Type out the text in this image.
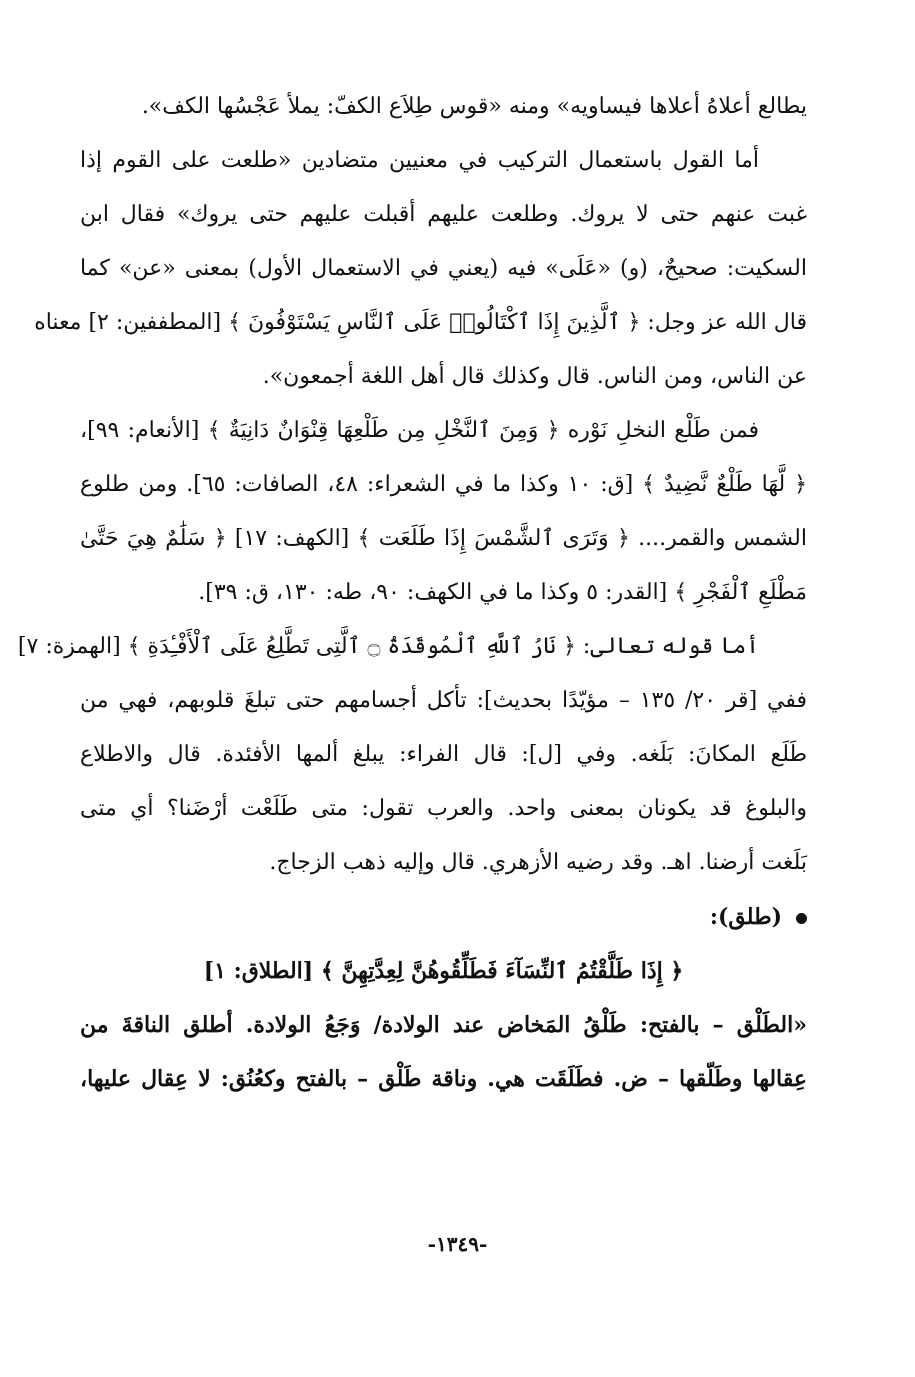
يطالع أعلاهُ أعلاها فيساويه» ومنه «قوس طِلاَع الكفّ: يملأ عَجْسُها الكف».
أما القول باستعمال التركيب في معنيين متضادين «طلعت على القوم إذا
غبت عنهم حتى لا يروك. وطلعت عليهم أقبلت عليهم حتى يروك» فقال ابن
السكيت: صحيحٌ، (و) «عَلَى» فيه (يعني في الاستعمال الأول) بمعنى «عن» كما
قال الله عز وجل: ﴿ ٱلَّذِينَ إِذَا ٱكْتَالُوا۟ عَلَى ٱلنَّاسِ يَسْتَوْفُونَ ﴾ [المطففين: ٢] معناه
عن الناس، ومن الناس. قال وكذلك قال أهل اللغة أجمعون».
فمن طَلْع النخلِ نَوْره ﴿ وَمِنَ ٱلنَّخْلِ مِن طَلْعِهَا قِنْوَانٌ دَانِيَةٌ ﴾ [الأنعام: ٩٩]،
﴿ لَّهَا طَلْعٌ نَّضِيدٌ ﴾ [ق: ١٠ وكذا ما في الشعراء: ٤٨، الصافات: ٦٥]. ومن طلوع
الشمس والقمر.... ﴿ وَتَرَى ٱلشَّمْسَ إِذَا طَلَعَت ﴾ [الكهف: ١٧] ﴿ سَلَٰمٌ هِيَ حَتَّىٰ
مَطْلَعِ ٱلْفَجْرِ ﴾ [القدر: ٥ وكذا ما في الكهف: ٩٠، طه: ١٣٠، ق: ٣٩].
أما قوله تعالى: ﴿ نَارُ ٱللَّهِ ٱلْمُوقَدَةُ ۝ ٱلَّتِى تَطَّلِعُ عَلَى ٱلْأَفْـِٔدَةِ ﴾ [الهمزة: ٧]
ففي [قر ٢٠/ ١٣٥ – مؤيّدًا بحديث]: تأكل أجسامهم حتى تبلغَ قلوبهم، فهي من
طَلَع المكانَ: بَلَغه. وفي [ل]: قال الفراء: يبلغ ألمها الأفئدة. قال والاطلاع
والبلوغ قد يكونان بمعنى واحد. والعرب تقول: متى طَلَعْت أرْضَنا؟ أي متى
بَلَغت أرضنا. اهـ. وقد رضيه الأزهري. قال وإليه ذهب الزجاج.
(طلق):
﴿ إِذَا طَلَّقْتُمُ ٱلنِّسَآءَ فَطَلِّقُوهُنَّ لِعِدَّتِهِنَّ ﴾ [الطلاق: ١]
«الطَلْق – بالفتح: طَلْقُ المَخاض عند الولادة/ وَجَعُ الولادة. أطلق الناقةَ من
عِقالها وطَلّقها – ض. فطَلَقَت هي. وناقة طَلْق – بالفتح وكعُنُق: لا عِقال عليها،
-١٣٤٩-
